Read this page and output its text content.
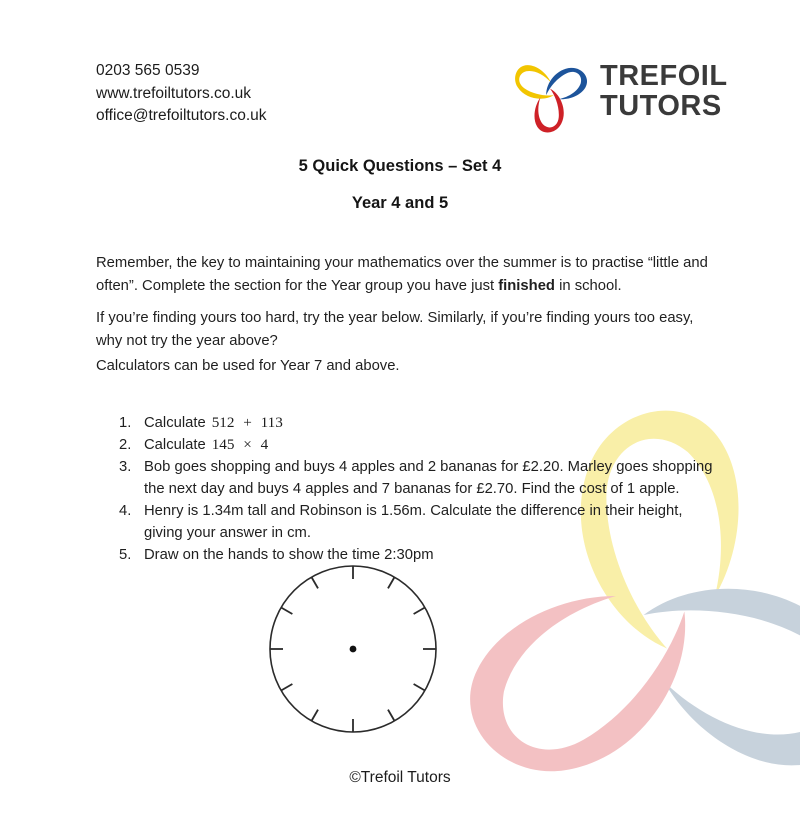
0203 565 0539
www.trefoiltutors.co.uk
office@trefoiltutors.co.uk
TREFOIL
TUTORS
5 Quick Questions – Set 4
Year 4 and 5

Remember, the key to maintaining your mathematics over the summer is to practise “little and often”. Complete the section for the Year group you have just finished in school.

If you’re finding yours too hard, try the year below. Similarly, if you’re finding yours too easy, why not try the year above?

Calculators can be used for Year 7 and above.

1. Calculate 512 + 113
2. Calculate 145 × 4
3. Bob goes shopping and buys 4 apples and 2 bananas for £2.20. Marley goes shopping the next day and buys 4 apples and 7 bananas for £2.70. Find the cost of 1 apple.
4. Henry is 1.34m tall and Robinson is 1.56m. Calculate the difference in their height, giving your answer in cm.
5. Draw on the hands to show the time 2:30pm
©Trefoil Tutors
